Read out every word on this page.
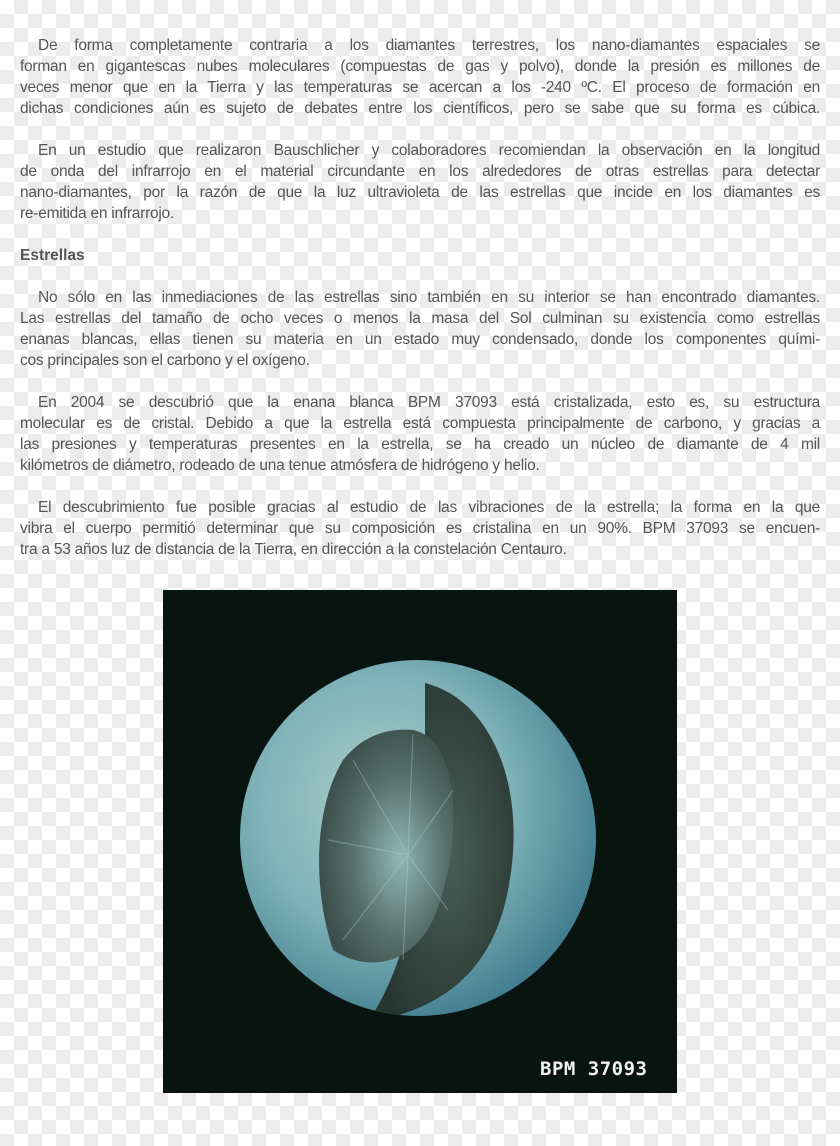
De forma completamente contraria a los diamantes terrestres, los nano-diamantes espaciales se
forman en gigantescas nubes moleculares (compuestas de gas y polvo), donde la presión es millones de
veces menor que en la Tierra y las temperaturas se acercan a los -240 ºC. El proceso de formación en
dichas condiciones aún es sujeto de debates entre los científicos, pero se sabe que su forma es cúbica.
En un estudio que realizaron Bauschlicher y colaboradores recomiendan la observación en la longitud
de onda del infrarrojo en el material circundante en los alrededores de otras estrellas para detectar
nano-diamantes, por la razón de que la luz ultravioleta de las estrellas que incide en los diamantes es
re-emitida en infrarrojo.
Estrellas
No sólo en las inmediaciones de las estrellas sino también en su interior se han encontrado diamantes.
Las estrellas del tamaño de ocho veces o menos la masa del Sol culminan su existencia como estrellas
enanas blancas, ellas tienen su materia en un estado muy condensado, donde los componentes quími-
cos principales son el carbono y el oxígeno.
En 2004 se descubrió que la enana blanca BPM 37093 está cristalizada, esto es, su estructura
molecular es de cristal. Debido a que la estrella está compuesta principalmente de carbono, y gracias a
las presiones y temperaturas presentes en la estrella, se ha creado un núcleo de diamante de 4 mil
kilómetros de diámetro, rodeado de una tenue atmósfera de hidrógeno y helio.
El descubrimiento fue posible gracias al estudio de las vibraciones de la estrella; la forma en la que
vibra el cuerpo permitió determinar que su composición es cristalina en un 90%. BPM 37093 se encuen-
tra a 53 años luz de distancia de la Tierra, en dirección a la constelación Centauro.
BPM 37093
